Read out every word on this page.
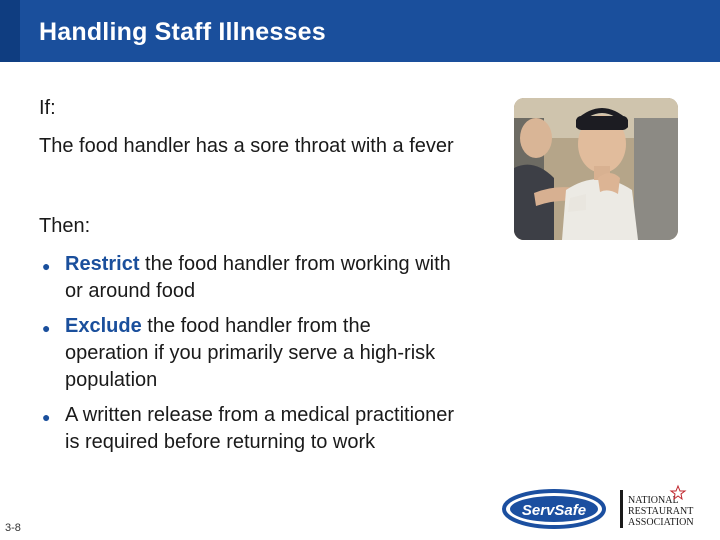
Handling Staff Illnesses
If:
The food handler has a sore throat with a fever
Then:
● Restrict the food handler from working with or around food
● Exclude the food handler from the operation if you primarily serve a high-risk population
● A written release from a medical practitioner is required before returning to work
3-8
ServSafe
NATIONAL
RESTAURANT
ASSOCIATION
